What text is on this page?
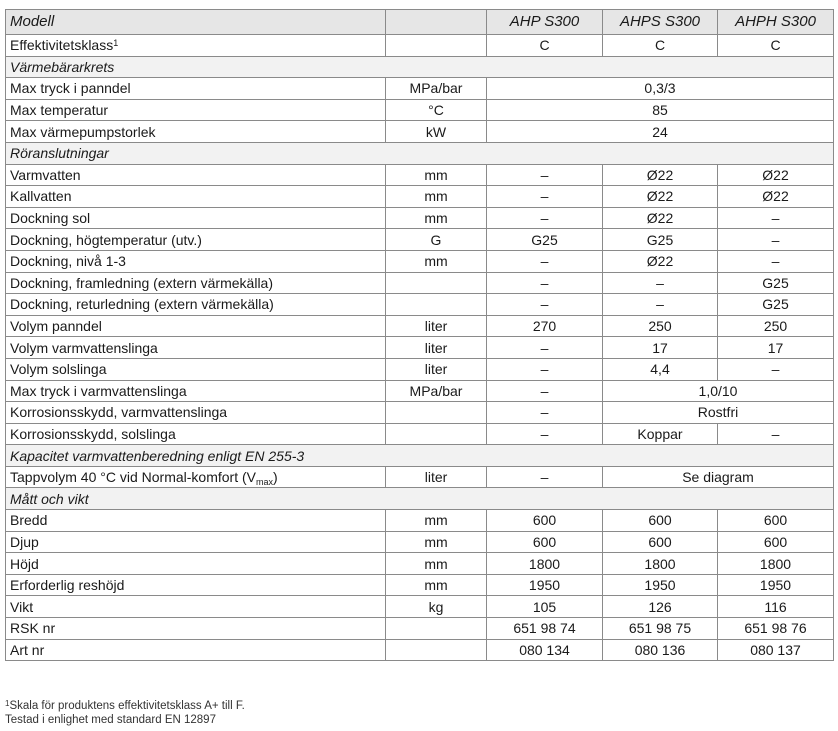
Modell		AHP S300	AHPS S300	AHPH S300
Effektivitetsklass$^1$		C	C	C
Värmebärarkrets				
Max tryck i panndel	MPa/bar	0,3/3		
Max temperatur	°C	85		
Max värmepumpstorlek	kW	24		
Röranslutningar				
Varmvatten	mm	–	Ø22	Ø22
Kallvatten	mm	–	Ø22	Ø22
Dockning sol	mm	–	Ø22	–
Dockning, högtemperatur (utv.)	G	G25	G25	–
Dockning, nivå 1-3	mm	–	Ø22	–
Dockning, framledning (extern värmekälla)		–	–	G25
Dockning, returledning (extern värmekälla)		–	–	G25
Volym panndel	liter	270	250	250
Volym varmvattenslinga	liter	–	17	17
Volym solslinga	liter	–	4,4	–
Max tryck i varmvattenslinga	MPa/bar	–	1,0/10	
Korrosionsskydd, varmvattenslinga		–	Rostfri	
Korrosionsskydd, solslinga		–	Koppar	–
Kapacitet varmvattenberedning enligt EN 255-3				
Tappvolym 40 °C vid Normal-komfort $(V_{max})$	liter	–	Se diagram	
Mått och vikt				
Bredd	mm	600	600	600
Djup	mm	600	600	600
Höjd	mm	1800	1800	1800
Erforderlig reshöjd	mm	1950	1950	1950
Vikt	kg	105	126	116
RSK nr		651 98 74	651 98 75	651 98 76
Art nr		080 134	080 136	080 137
$^1$Skala för produktens effektivitetsklass A+ till F.
Testad i enlighet med standard EN 12897
